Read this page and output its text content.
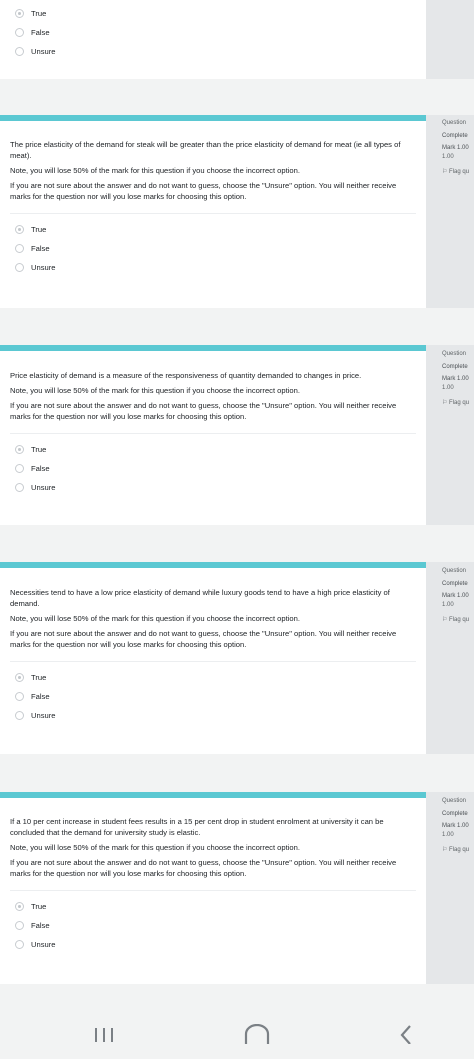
True
False
Unsure

The price elasticity of the demand for steak will be greater than the price elasticity of demand for meat (ie all types of meat).

Note, you will lose 50% of the mark for this question if you choose the incorrect option.

If you are not sure about the answer and do not want to guess, choose the "Unsure" option. You will neither receive marks for the question nor will you lose marks for choosing this option.

True
False
Unsure
Question
Complete
Mark 1.00
1.00
⚐ Flag qu

Price elasticity of demand is a measure of the responsiveness of quantity demanded to changes in price.

Note, you will lose 50% of the mark for this question if you choose the incorrect option.

If you are not sure about the answer and do not want to guess, choose the "Unsure" option. You will neither receive marks for the question nor will you lose marks for choosing this option.

True
False
Unsure
Question
Complete
Mark 1.00
1.00
⚐ Flag qu

Necessities tend to have a low price elasticity of demand while luxury goods tend to have a high price elasticity of demand.

Note, you will lose 50% of the mark for this question if you choose the incorrect option.

If you are not sure about the answer and do not want to guess, choose the "Unsure" option. You will neither receive marks for the question nor will you lose marks for choosing this option.

True
False
Unsure
Question
Complete
Mark 1.00
1.00
⚐ Flag qu

If a 10 per cent increase in student fees results in a 15 per cent drop in student enrolment at university it can be concluded that the demand for university study is elastic.

Note, you will lose 50% of the mark for this question if you choose the incorrect option.

If you are not sure about the answer and do not want to guess, choose the "Unsure" option. You will neither receive marks for the question nor will you lose marks for choosing this option.

True
False
Unsure
Question
Complete
Mark 1.00
1.00
⚐ Flag qu
